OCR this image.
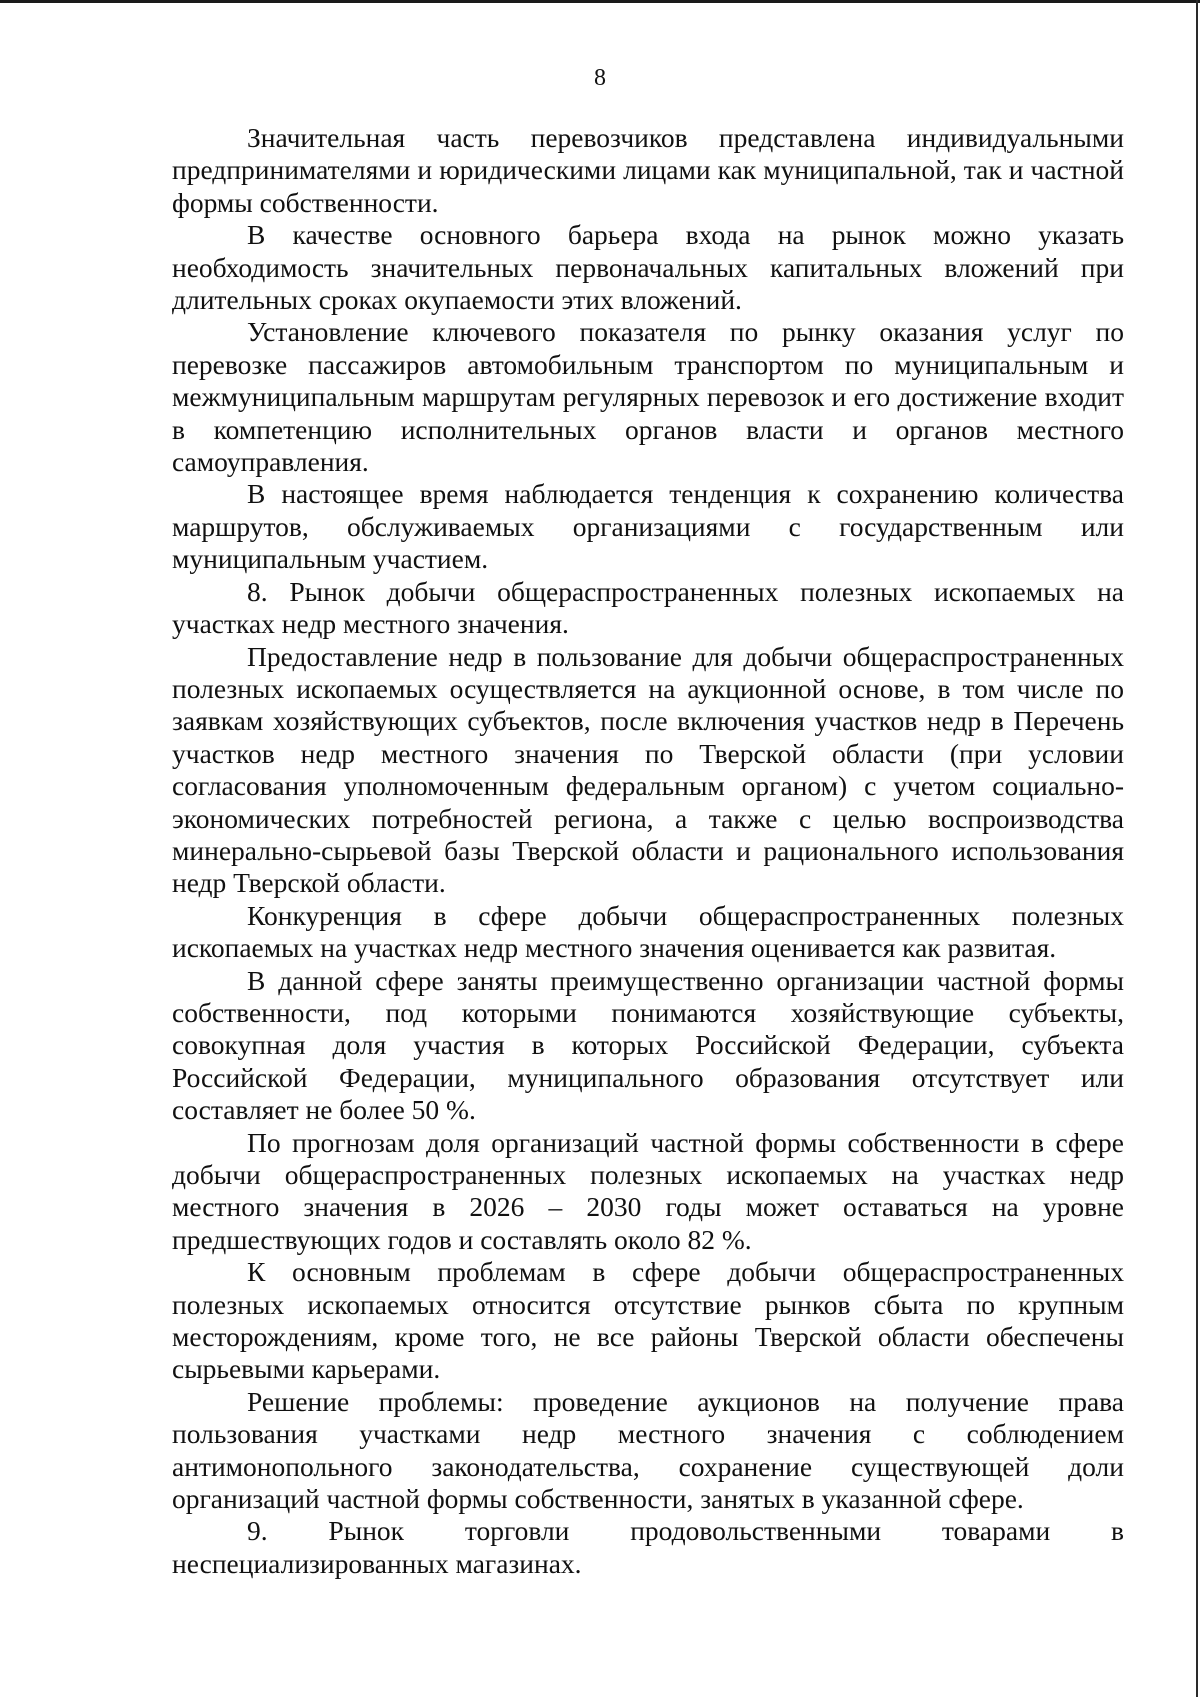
8

Значительная часть перевозчиков представлена индивидуальными предпринимателями и юридическими лицами как муниципальной, так и частной формы собственности.

В качестве основного барьера входа на рынок можно указать необходимость значительных первоначальных капитальных вложений при длительных сроках окупаемости этих вложений.

Установление ключевого показателя по рынку оказания услуг по перевозке пассажиров автомобильным транспортом по муниципальным и межмуниципальным маршрутам регулярных перевозок и его достижение входит в компетенцию исполнительных органов власти и органов местного самоуправления.

В настоящее время наблюдается тенденция к сохранению количества маршрутов, обслуживаемых организациями с государственным или муниципальным участием.

8. Рынок добычи общераспространенных полезных ископаемых на участках недр местного значения.

Предоставление недр в пользование для добычи общераспространенных полезных ископаемых осуществляется на аукционной основе, в том числе по заявкам хозяйствующих субъектов, после включения участков недр в Перечень участков недр местного значения по Тверской области (при условии согласования уполномоченным федеральным органом) с учетом социально-экономических потребностей региона, а также с целью воспроизводства минерально-сырьевой базы Тверской области и рационального использования недр Тверской области.

Конкуренция в сфере добычи общераспространенных полезных ископаемых на участках недр местного значения оценивается как развитая.

В данной сфере заняты преимущественно организации частной формы собственности, под которыми понимаются хозяйствующие субъекты, совокупная доля участия в которых Российской Федерации, субъекта Российской Федерации, муниципального образования отсутствует или составляет не более 50 %.

По прогнозам доля организаций частной формы собственности в сфере добычи общераспространенных полезных ископаемых на участках недр местного значения в 2026 – 2030 годы может оставаться на уровне предшествующих годов и составлять около 82 %.

К основным проблемам в сфере добычи общераспространенных полезных ископаемых относится отсутствие рынков сбыта по крупным месторождениям, кроме того, не все районы Тверской области обеспечены сырьевыми карьерами.

Решение проблемы: проведение аукционов на получение права пользования участками недр местного значения с соблюдением антимонопольного законодательства, сохранение существующей доли организаций частной формы собственности, занятых в указанной сфере.

9. Рынок торговли продовольственными товарами в неспециализированных магазинах.
